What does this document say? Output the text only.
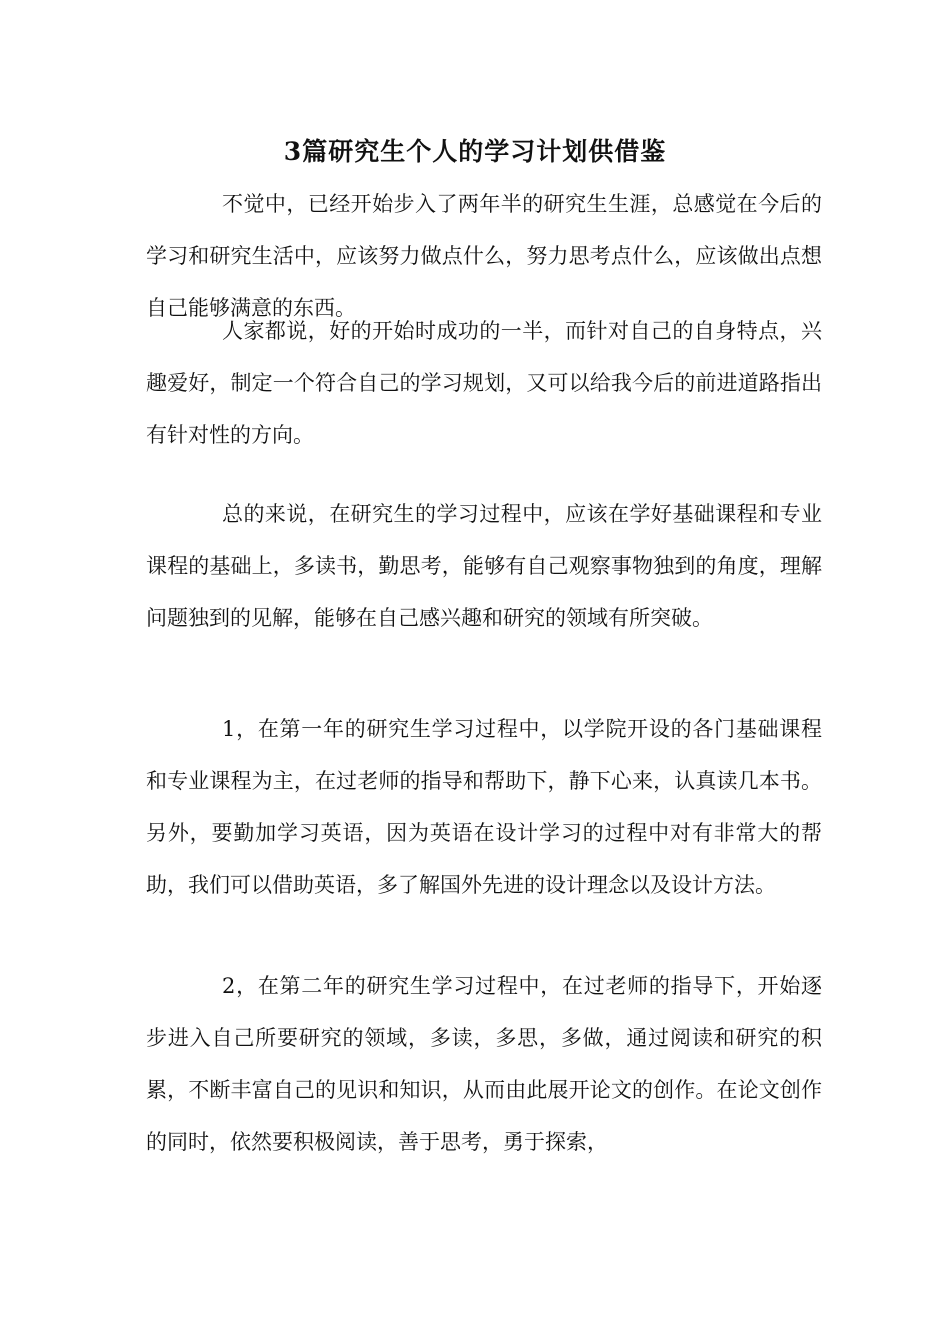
3篇研究生个人的学习计划供借鉴

不觉中，已经开始步入了两年半的研究生生涯，总感觉在今后的学习和研究生活中，应该努力做点什么，努力思考点什么，应该做出点想自己能够满意的东西。

人家都说，好的开始时成功的一半，而针对自己的自身特点，兴趣爱好，制定一个符合自己的学习规划，又可以给我今后的前进道路指出有针对性的方向。

总的来说，在研究生的学习过程中，应该在学好基础课程和专业课程的基础上，多读书，勤思考，能够有自己观察事物独到的角度，理解问题独到的见解，能够在自己感兴趣和研究的领域有所突破。

1，在第一年的研究生学习过程中，以学院开设的各门基础课程和专业课程为主，在过老师的指导和帮助下，静下心来，认真读几本书。另外，要勤加学习英语，因为英语在设计学习的过程中对有非常大的帮助，我们可以借助英语，多了解国外先进的设计理念以及设计方法。

2，在第二年的研究生学习过程中，在过老师的指导下，开始逐步进入自己所要研究的领域，多读，多思，多做，通过阅读和研究的积累，不断丰富自己的见识和知识，从而由此展开论文的创作。在论文创作的同时，依然要积极阅读，善于思考，勇于探索，
